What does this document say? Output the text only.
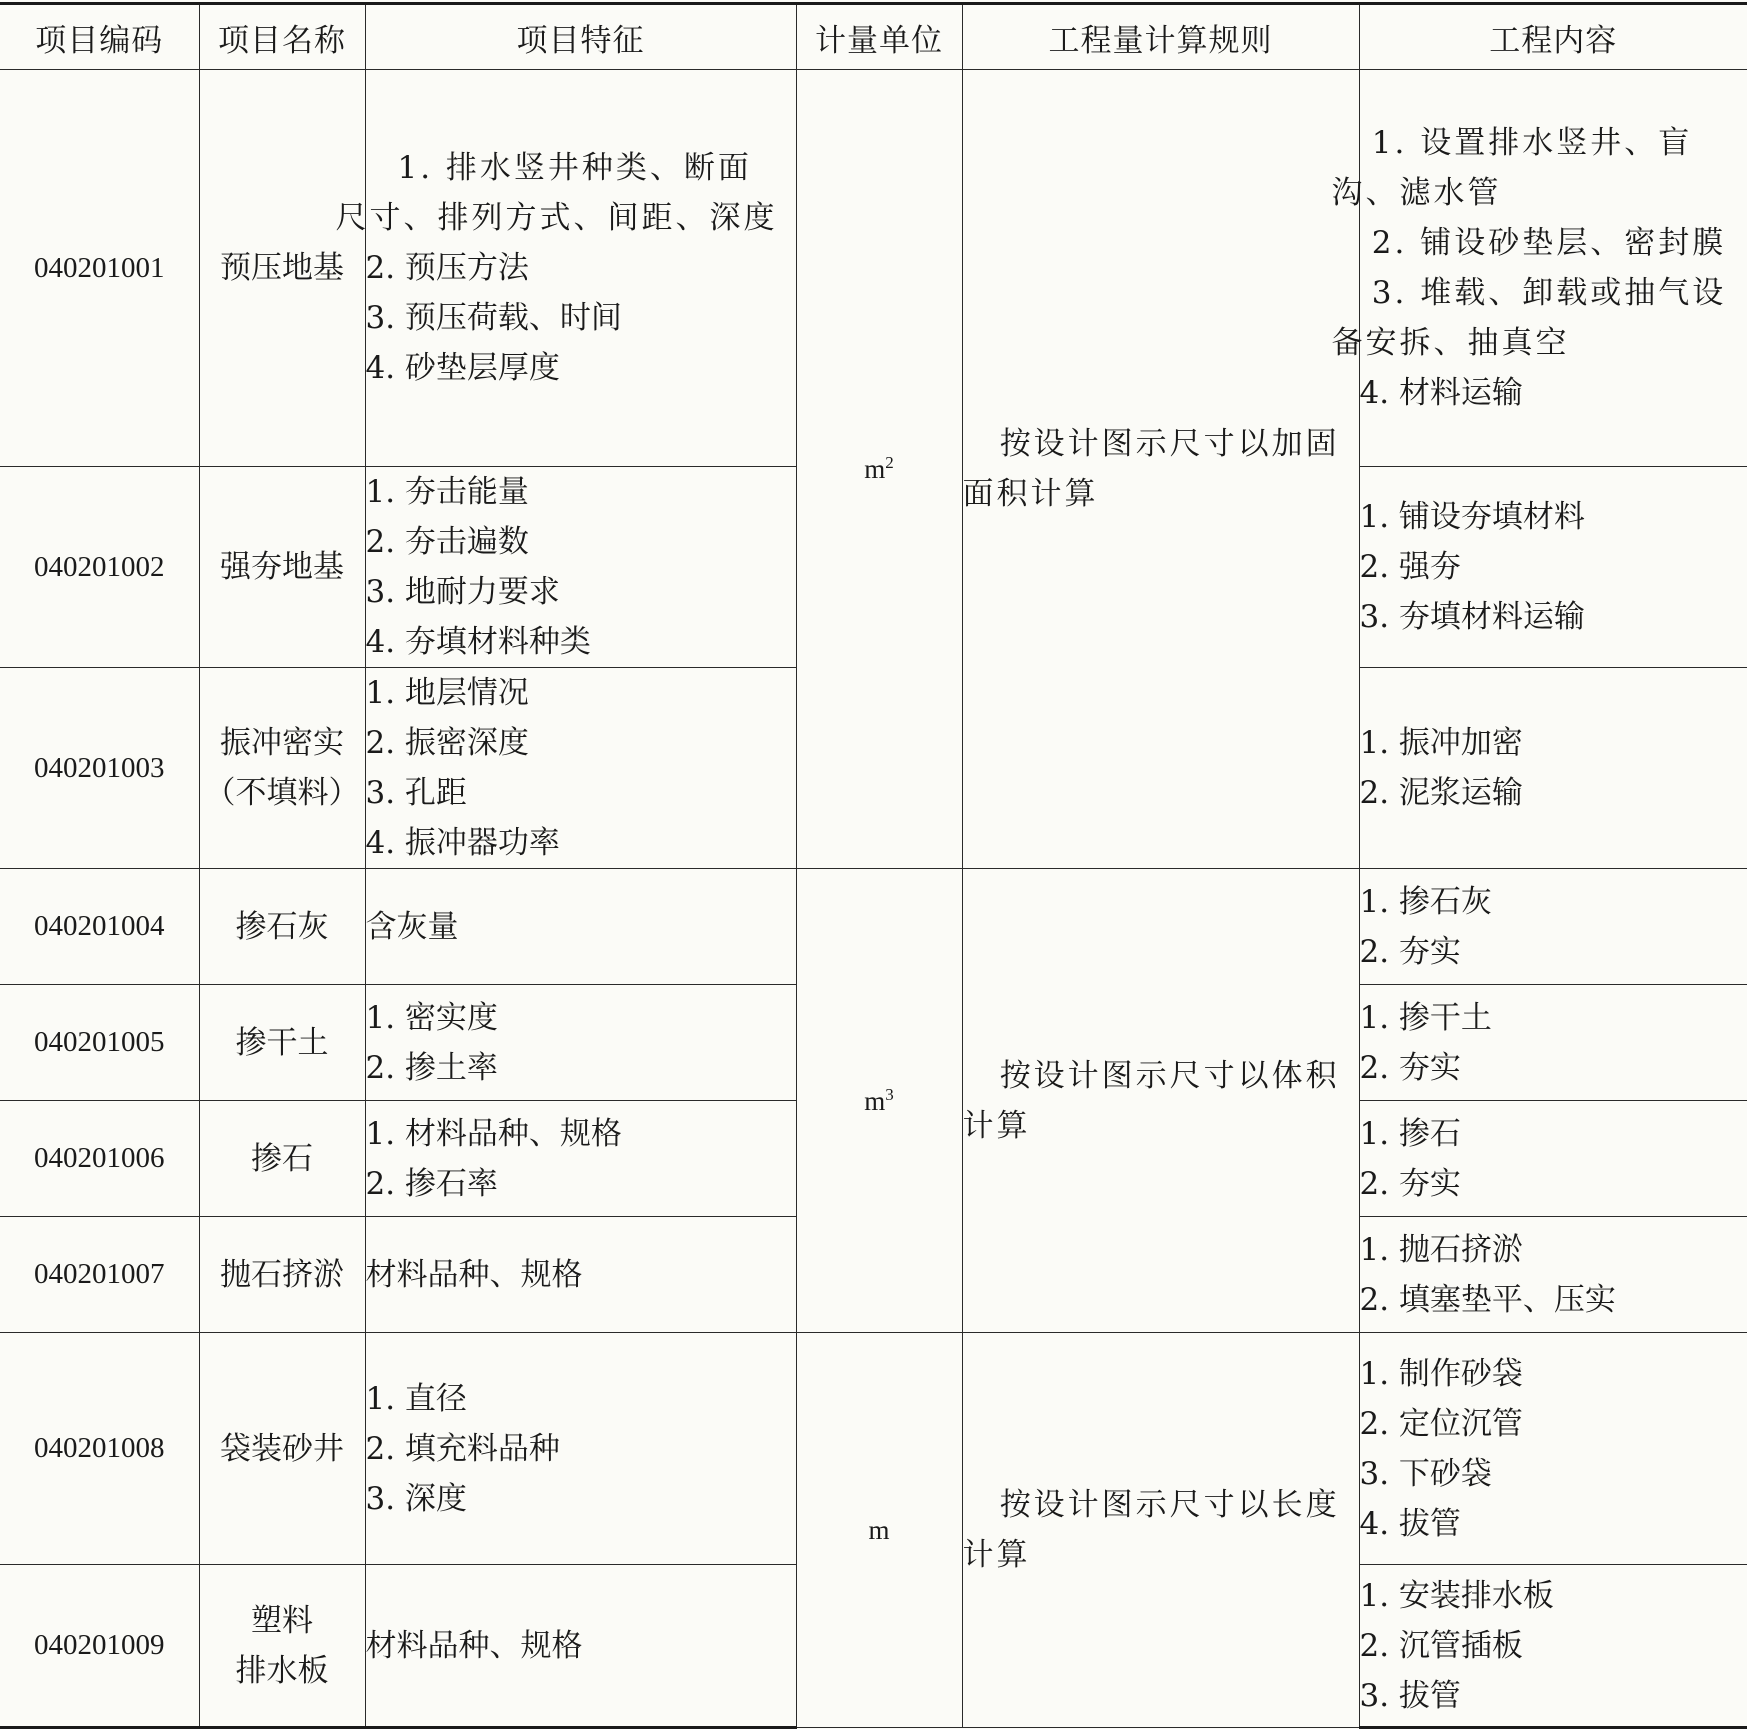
项目编码	项目名称	项目特征	计量单位	工程量计算规则	工程内容
040201001	预压地基	1. 排水竖井种类、断面尺寸、排列方式、间距、深度
2. 预压方法
3. 预压荷载、时间
4. 砂垫层厚度	$m^2$	按设计图示尺寸以加固面积计算	1. 设置排水竖井、盲沟、滤水管
2. 铺设砂垫层、密封膜
3. 堆载、卸载或抽气设备安拆、抽真空
4. 材料运输

040201002	强夯地基	1. 夯击能量
2. 夯击遍数
3. 地耐力要求
4. 夯填材料种类			1. 铺设夯填材料
2. 强夯
3. 夯填材料运输

040201003	振冲密实
（不填料）	1. 地层情况
2. 振密深度
3. 孔距
4. 振冲器功率			1. 振冲加密
2. 泥浆运输

040201004	掺石灰	含灰量	$m^3$	按设计图示尺寸以体积计算	1. 掺石灰
2. 夯实

040201005	掺干土	1. 密实度
2. 掺土率			1. 掺干土
2. 夯实

040201006	掺石	1. 材料品种、规格
2. 掺石率			1. 掺石
2. 夯实

040201007	抛石挤淤	材料品种、规格			1. 抛石挤淤
2. 填塞垫平、压实

040201008	袋装砂井	1. 直径
2. 填充料品种
3. 深度	m	按设计图示尺寸以长度计算	1. 制作砂袋
2. 定位沉管
3. 下砂袋
4. 拔管

040201009	塑料
排水板	材料品种、规格			1. 安装排水板
2. 沉管插板
3. 拔管
